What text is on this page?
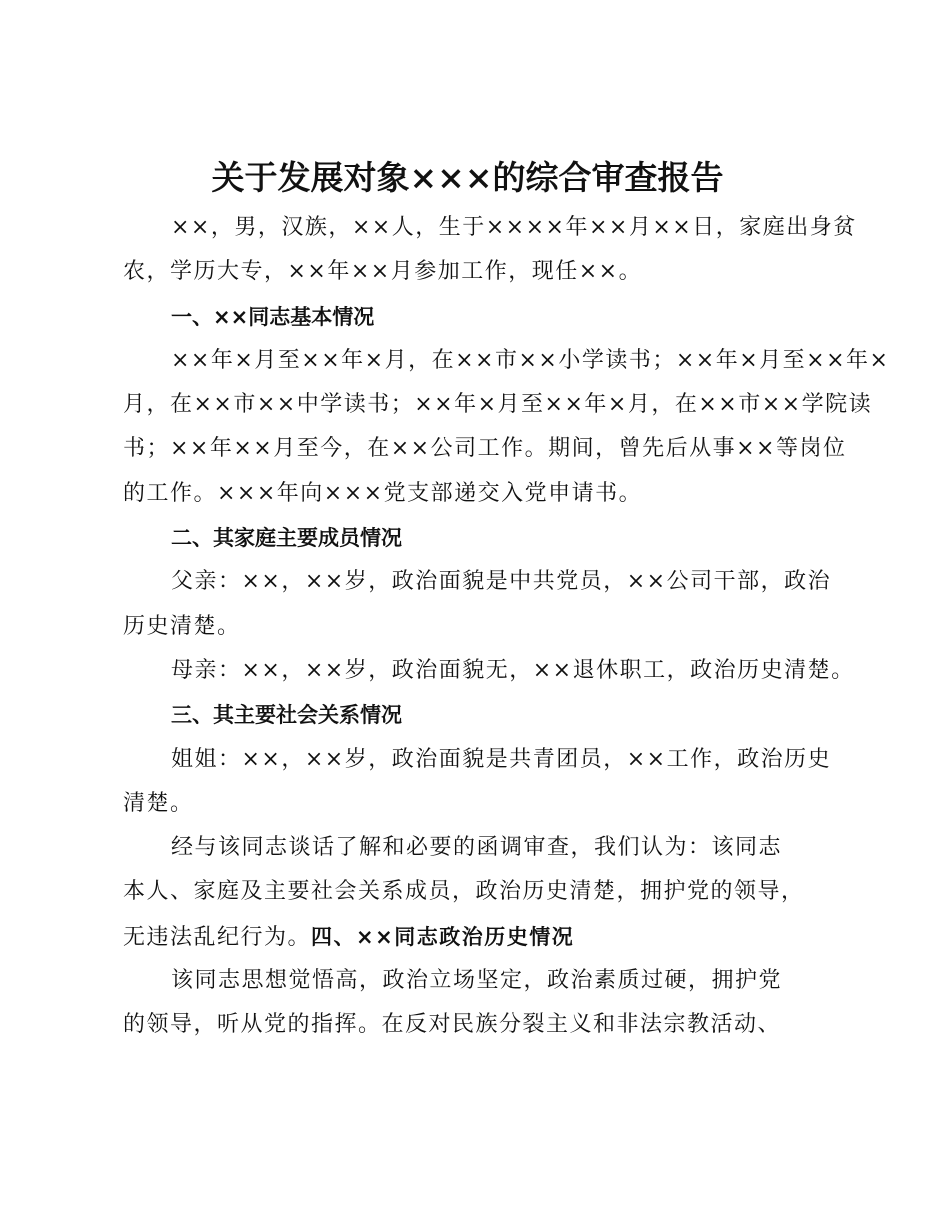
关于发展对象×××的综合审查报告
××，男，汉族，××人，生于××××年××月××日，家庭出身贫
农，学历大专，××年××月参加工作，现任××。
一、××同志基本情况
××年×月至××年×月，在××市××小学读书；××年×月至××年×
月，在××市××中学读书；××年×月至××年×月，在××市××学院读
书；××年××月至今，在××公司工作。期间，曾先后从事××等岗位
的工作。×××年向×××党支部递交入党申请书。
二、其家庭主要成员情况
父亲：××，××岁，政治面貌是中共党员，××公司干部，政治
历史清楚。
母亲：××，××岁，政治面貌无，××退休职工，政治历史清楚。
三、其主要社会关系情况
姐姐：××，××岁，政治面貌是共青团员，××工作，政治历史
清楚。
经与该同志谈话了解和必要的函调审查，我们认为：该同志
本人、家庭及主要社会关系成员，政治历史清楚，拥护党的领导，
无违法乱纪行为。四、××同志政治历史情况
该同志思想觉悟高，政治立场坚定，政治素质过硬，拥护党
的领导，听从党的指挥。在反对民族分裂主义和非法宗教活动、
